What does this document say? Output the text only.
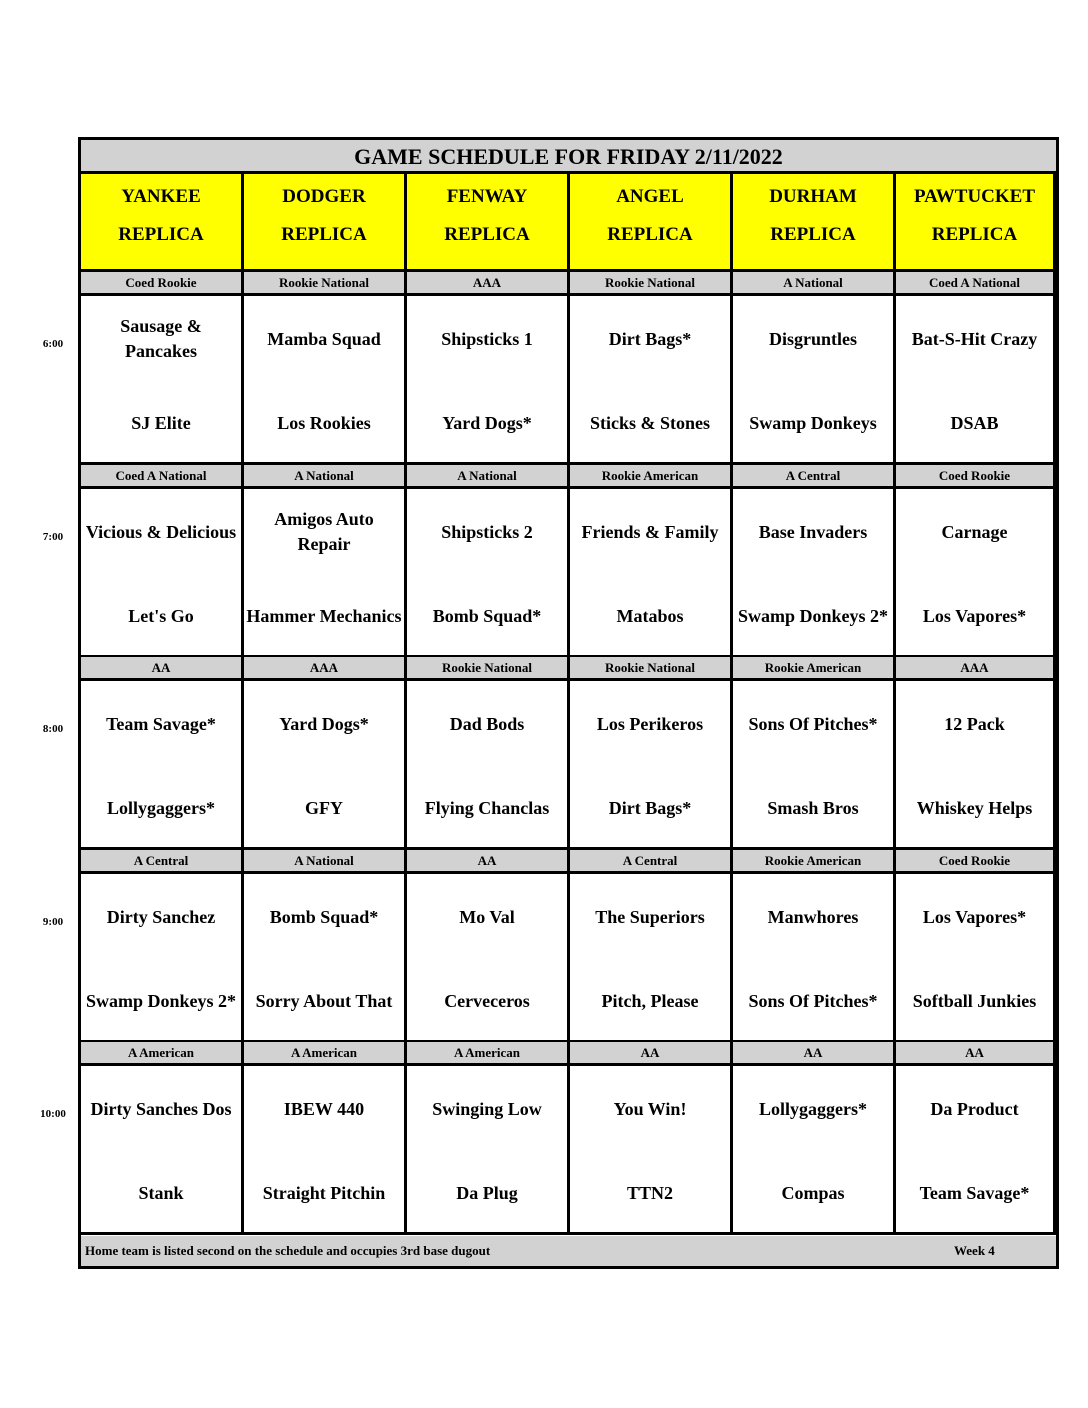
6:00
7:00
8:00
9:00
10:00
GAME SCHEDULE FOR FRIDAY 2/11/2022
YANKEE
REPLICA
DODGER
REPLICA
FENWAY
REPLICA
ANGEL
REPLICA
DURHAM
REPLICA
PAWTUCKET
REPLICA
Coed Rookie
Sausage & Pancakes
SJ Elite
Rookie National
Mamba Squad
Los Rookies
AAA
Shipsticks 1
Yard Dogs*
Rookie National
Dirt Bags*
Sticks & Stones
A National
Disgruntles
Swamp Donkeys
Coed A National
Bat-S-Hit Crazy
DSAB
Coed A National
Vicious & Delicious
Let's Go
A National
Amigos Auto Repair
Hammer Mechanics
A National
Shipsticks 2
Bomb Squad*
Rookie American
Friends & Family
Matabos
A Central
Base Invaders
Swamp Donkeys 2*
Coed Rookie
Carnage
Los Vapores*
AA
Team Savage*
Lollygaggers*
AAA
Yard Dogs*
GFY
Rookie National
Dad Bods
Flying Chanclas
Rookie National
Los Perikeros
Dirt Bags*
Rookie American
Sons Of Pitches*
Smash Bros
AAA
12 Pack
Whiskey Helps
A Central
Dirty Sanchez
Swamp Donkeys 2*
A National
Bomb Squad*
Sorry About That
AA
Mo Val
Cerveceros
A Central
The Superiors
Pitch, Please
Rookie American
Manwhores
Sons Of Pitches*
Coed Rookie
Los Vapores*
Softball Junkies
A American
Dirty Sanches Dos
Stank
A American
IBEW 440
Straight Pitchin
A American
Swinging Low
Da Plug
AA
You Win!
TTN2
AA
Lollygaggers*
Compas
AA
Da Product
Team Savage*
Home team is listed second on the schedule and occupies 3rd base dugout	Week 4
